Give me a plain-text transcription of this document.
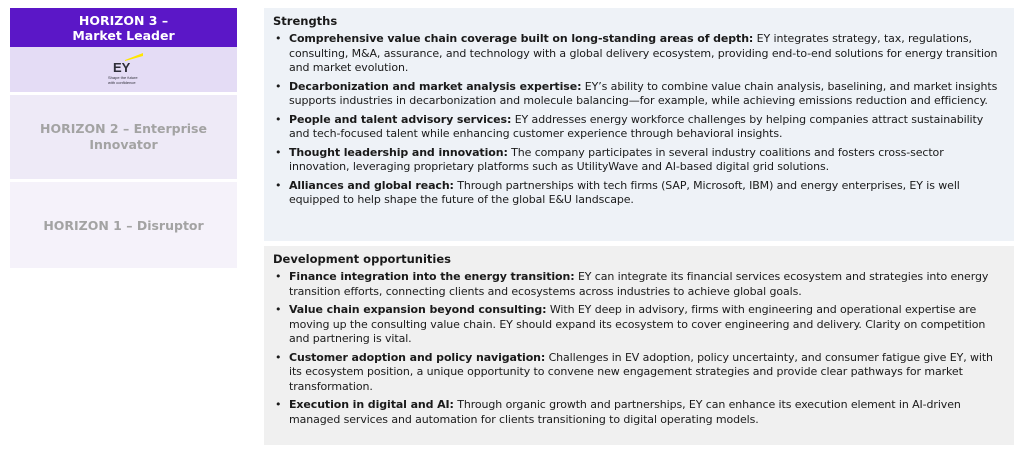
HORIZON 3 –
Market Leader
EY
Shape the future
with confidence
HORIZON 2 – Enterprise
Innovator
HORIZON 1 – Disruptor
Strengths
• Comprehensive value chain coverage built on long-standing areas of depth: EY integrates strategy, tax, regulations, consulting, M&A, assurance, and technology with a global delivery ecosystem, providing end-to-end solutions for energy transition and market evolution.
• Decarbonization and market analysis expertise: EY’s ability to combine value chain analysis, baselining, and market insights supports industries in decarbonization and molecule balancing—for example, while achieving emissions reduction and efficiency.
• People and talent advisory services: EY addresses energy workforce challenges by helping companies attract sustainability and tech-focused talent while enhancing customer experience through behavioral insights.
• Thought leadership and innovation: The company participates in several industry coalitions and fosters cross-sector innovation, leveraging proprietary platforms such as UtilityWave and AI-based digital grid solutions.
• Alliances and global reach: Through partnerships with tech firms (SAP, Microsoft, IBM) and energy enterprises, EY is well equipped to help shape the future of the global E&U landscape.
Development opportunities
• Finance integration into the energy transition: EY can integrate its financial services ecosystem and strategies into energy transition efforts, connecting clients and ecosystems across industries to achieve global goals.
• Value chain expansion beyond consulting: With EY deep in advisory, firms with engineering and operational expertise are moving up the consulting value chain. EY should expand its ecosystem to cover engineering and delivery. Clarity on competition and partnering is vital.
• Customer adoption and policy navigation: Challenges in EV adoption, policy uncertainty, and consumer fatigue give EY, with its ecosystem position, a unique opportunity to convene new engagement strategies and provide clear pathways for market transformation.
• Execution in digital and AI: Through organic growth and partnerships, EY can enhance its execution element in AI-driven managed services and automation for clients transitioning to digital operating models.
